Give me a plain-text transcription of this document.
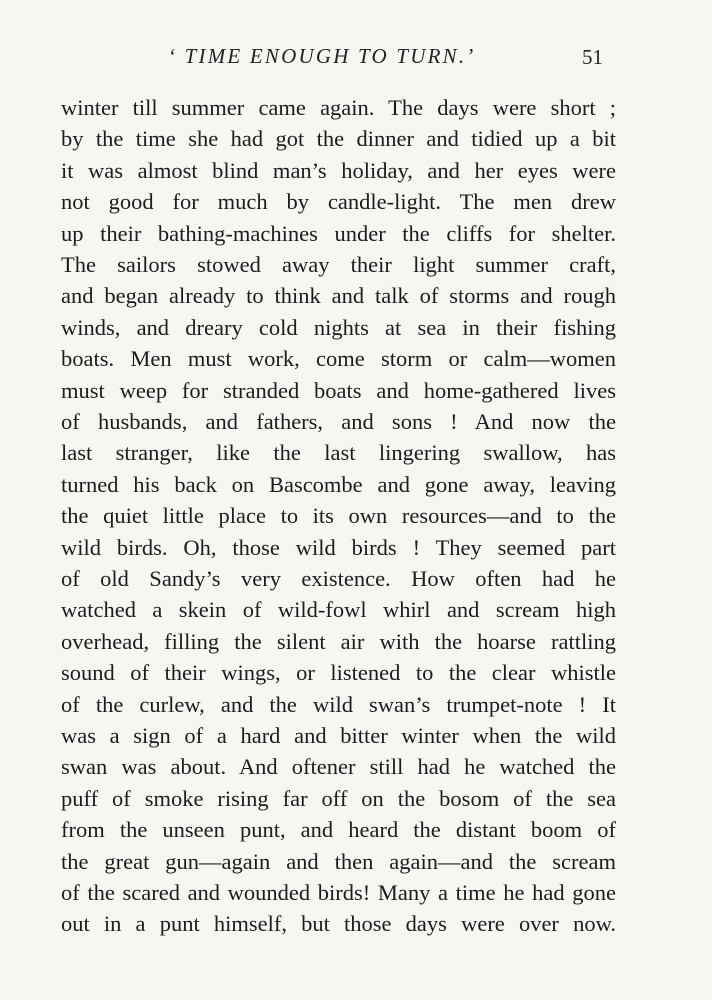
‘ TIME ENOUGH TO TURN.’	51
winter till summer came again. The days were short ;
by the time she had got the dinner and tidied up a bit
it was almost blind man’s holiday, and her eyes were
not good for much by candle-light. The men drew
up their bathing-machines under the cliffs for shelter.
The sailors stowed away their light summer craft,
and began already to think and talk of storms and rough
winds, and dreary cold nights at sea in their fishing
boats. Men must work, come storm or calm—women
must weep for stranded boats and home-gathered lives
of husbands, and fathers, and sons ! And now the
last stranger, like the last lingering swallow, has
turned his back on Bascombe and gone away, leaving
the quiet little place to its own resources—and to the
wild birds. Oh, those wild birds ! They seemed part
of old Sandy’s very existence. How often had he
watched a skein of wild-fowl whirl and scream high
overhead, filling the silent air with the hoarse rattling
sound of their wings, or listened to the clear whistle
of the curlew, and the wild swan’s trumpet-note ! It
was a sign of a hard and bitter winter when the wild
swan was about. And oftener still had he watched the
puff of smoke rising far off on the bosom of the sea
from the unseen punt, and heard the distant boom of
the great gun—again and then again—and the scream
of the scared and wounded birds! Many a time he had gone
out in a punt himself, but those days were over now.
